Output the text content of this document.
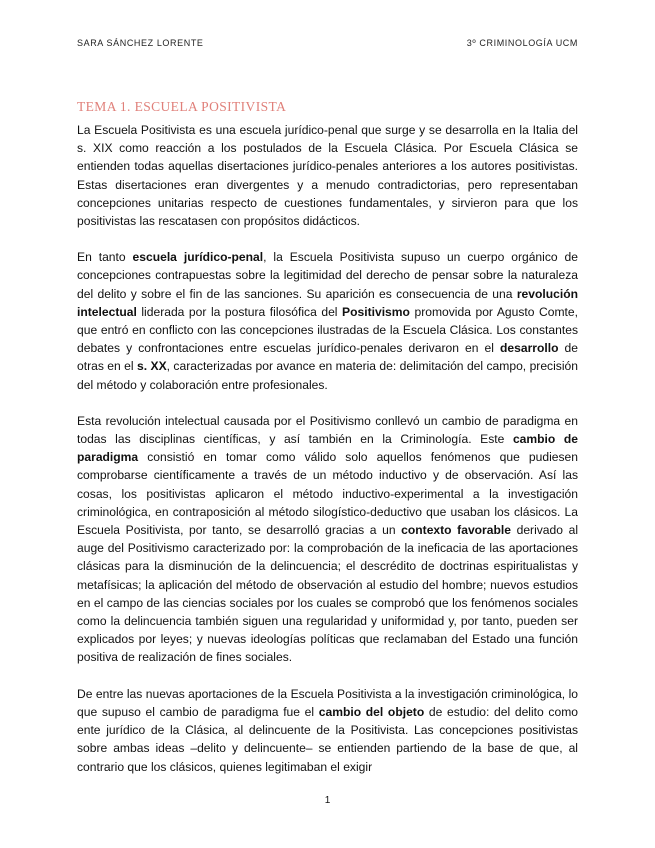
SARA SÁNCHEZ LORENTE	3º CRIMINOLOGÍA UCM
TEMA 1. ESCUELA POSITIVISTA

La Escuela Positivista es una escuela jurídico-penal que surge y se desarrolla en la Italia del s. XIX como reacción a los postulados de la Escuela Clásica. Por Escuela Clásica se entienden todas aquellas disertaciones jurídico-penales anteriores a los autores positivistas. Estas disertaciones eran divergentes y a menudo contradictorias, pero representaban concepciones unitarias respecto de cuestiones fundamentales, y sirvieron para que los positivistas las rescatasen con propósitos didácticos.

En tanto escuela jurídico-penal, la Escuela Positivista supuso un cuerpo orgánico de concepciones contrapuestas sobre la legitimidad del derecho de pensar sobre la naturaleza del delito y sobre el fin de las sanciones. Su aparición es consecuencia de una revolución intelectual liderada por la postura filosófica del Positivismo promovida por Agusto Comte, que entró en conflicto con las concepciones ilustradas de la Escuela Clásica. Los constantes debates y confrontaciones entre escuelas jurídico-penales derivaron en el desarrollo de otras en el s. XX, caracterizadas por avance en materia de: delimitación del campo, precisión del método y colaboración entre profesionales.

Esta revolución intelectual causada por el Positivismo conllevó un cambio de paradigma en todas las disciplinas científicas, y así también en la Criminología. Este cambio de paradigma consistió en tomar como válido solo aquellos fenómenos que pudiesen comprobarse científicamente a través de un método inductivo y de observación. Así las cosas, los positivistas aplicaron el método inductivo-experimental a la investigación criminológica, en contraposición al método silogístico-deductivo que usaban los clásicos. La Escuela Positivista, por tanto, se desarrolló gracias a un contexto favorable derivado al auge del Positivismo caracterizado por: la comprobación de la ineficacia de las aportaciones clásicas para la disminución de la delincuencia; el descrédito de doctrinas espiritualistas y metafísicas; la aplicación del método de observación al estudio del hombre; nuevos estudios en el campo de las ciencias sociales por los cuales se comprobó que los fenómenos sociales como la delincuencia también siguen una regularidad y uniformidad y, por tanto, pueden ser explicados por leyes; y nuevas ideologías políticas que reclamaban del Estado una función positiva de realización de fines sociales.

De entre las nuevas aportaciones de la Escuela Positivista a la investigación criminológica, lo que supuso el cambio de paradigma fue el cambio del objeto de estudio: del delito como ente jurídico de la Clásica, al delincuente de la Positivista. Las concepciones positivistas sobre ambas ideas –delito y delincuente– se entienden partiendo de la base de que, al contrario que los clásicos, quienes legitimaban el exigir

1
